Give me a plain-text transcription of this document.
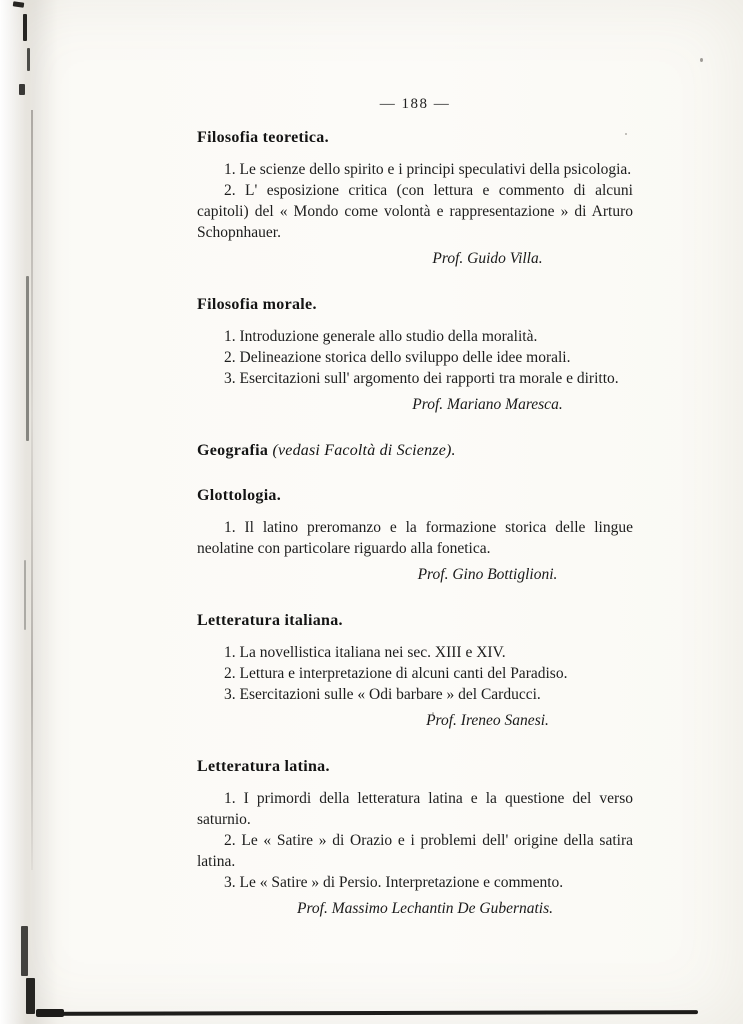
— 188 —
Filosofia teoretica.

1. Le scienze dello spirito e i principi speculativi della psicologia.

2. L' esposizione critica (con lettura e commento di alcuni capitoli) del « Mondo come volontà e rappresentazione » di Arturo Schopnhauer.

Prof. Guido Villa.

Filosofia morale.

1. Introduzione generale allo studio della moralità.

2. Delineazione storica dello sviluppo delle idee morali.

3. Esercitazioni sull' argomento dei rapporti tra morale e diritto.

Prof. Mariano Maresca.

Geografia (vedasi Facoltà di Scienze).
Glottologia.

1. Il latino preromanzo e la formazione storica delle lingue neolatine con particolare riguardo alla fonetica.

Prof. Gino Bottiglioni.

Letteratura italiana.

1. La novellistica italiana nei sec. XIII e XIV.

2. Lettura e interpretazione di alcuni canti del Paradiso.

3. Esercitazioni sulle « Odi barbare » del Carducci.

Prof. Ireneo Sanesi.

Letteratura latina.

1. I primordi della letteratura latina e la questione del verso saturnio.

2. Le « Satire » di Orazio e i problemi dell' origine della satira latina.

3. Le « Satire » di Persio. Interpretazione e commento.

Prof. Massimo Lechantin De Gubernatis.
